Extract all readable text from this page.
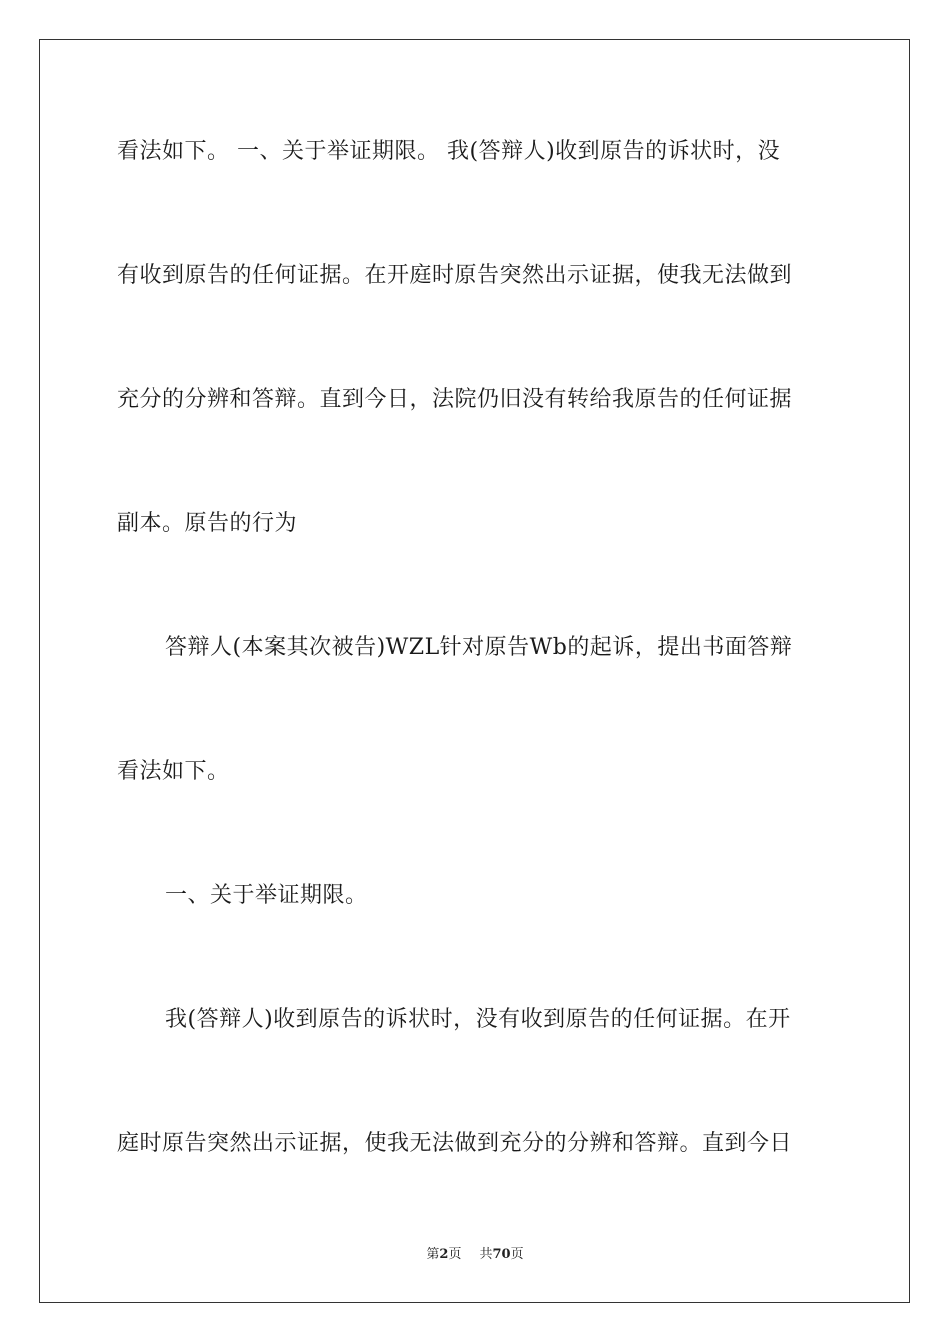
看法如下。 一、关于举证期限。 我(答辩人)收到原告的诉状时，没
有收到原告的任何证据。在开庭时原告突然出示证据，使我无法做到
充分的分辨和答辩。直到今日，法院仍旧没有转给我原告的任何证据
副本。原告的行为
答辩人(本案其次被告)WZL针对原告Wb的起诉，提出书面答辩
看法如下。
一、关于举证期限。
我(答辩人)收到原告的诉状时，没有收到原告的任何证据。在开
庭时原告突然出示证据，使我无法做到充分的分辨和答辩。直到今日
第2页 共70页
